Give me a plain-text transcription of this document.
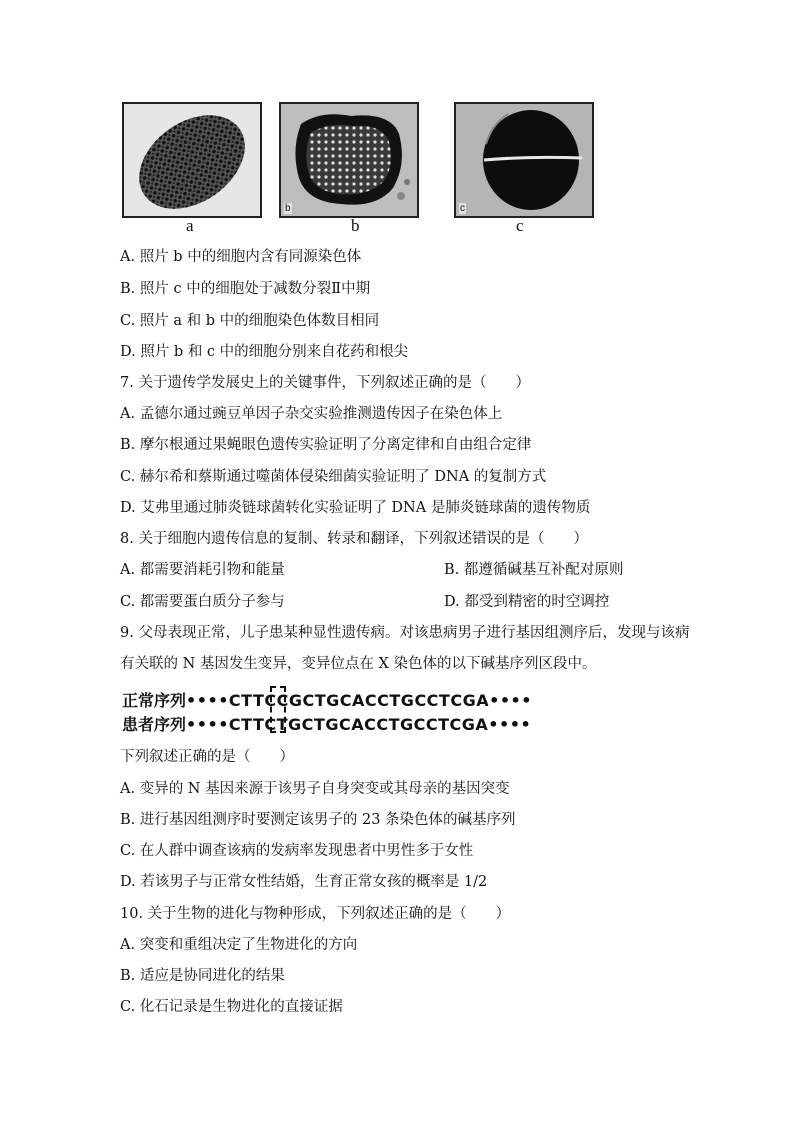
b	c
a	b	c
A. 照片 b 中的细胞内含有同源染色体
B. 照片 c 中的细胞处于减数分裂Ⅱ中期
C. 照片 a 和 b 中的细胞染色体数目相同
D. 照片 b 和 c 中的细胞分别来自花药和根尖
7. 关于遗传学发展史上的关键事件，下列叙述正确的是（　　）
A. 孟德尔通过豌豆单因子杂交实验推测遗传因子在染色体上
B. 摩尔根通过果蝇眼色遗传实验证明了分离定律和自由组合定律
C. 赫尔希和蔡斯通过噬菌体侵染细菌实验证明了 DNA 的复制方式
D. 艾弗里通过肺炎链球菌转化实验证明了 DNA 是肺炎链球菌的遗传物质
8. 关于细胞内遗传信息的复制、转录和翻译，下列叙述错误的是（　　）
A. 都需要消耗引物和能量	B. 都遵循碱基互补配对原则
C. 都需要蛋白质分子参与	D. 都受到精密的时空调控
9. 父母表现正常，儿子患某种显性遗传病。对该患病男子进行基因组测序后，发现与该病
有关联的 N 基因发生变异，变异位点在 X 染色体的以下碱基序列区段中。
正常序列••••CTTCCGCTGCACCTGCCTCGA••••
患者序列••••CTTCTGCTGCACCTGCCTCGA••••
下列叙述正确的是（　　）
A. 变异的 N 基因来源于该男子自身突变或其母亲的基因突变
B. 进行基因组测序时要测定该男子的 23 条染色体的碱基序列
C. 在人群中调查该病的发病率发现患者中男性多于女性
D. 若该男子与正常女性结婚，生育正常女孩的概率是 1/2
10. 关于生物的进化与物种形成，下列叙述正确的是（　　）
A. 突变和重组决定了生物进化的方向
B. 适应是协同进化的结果
C. 化石记录是生物进化的直接证据
